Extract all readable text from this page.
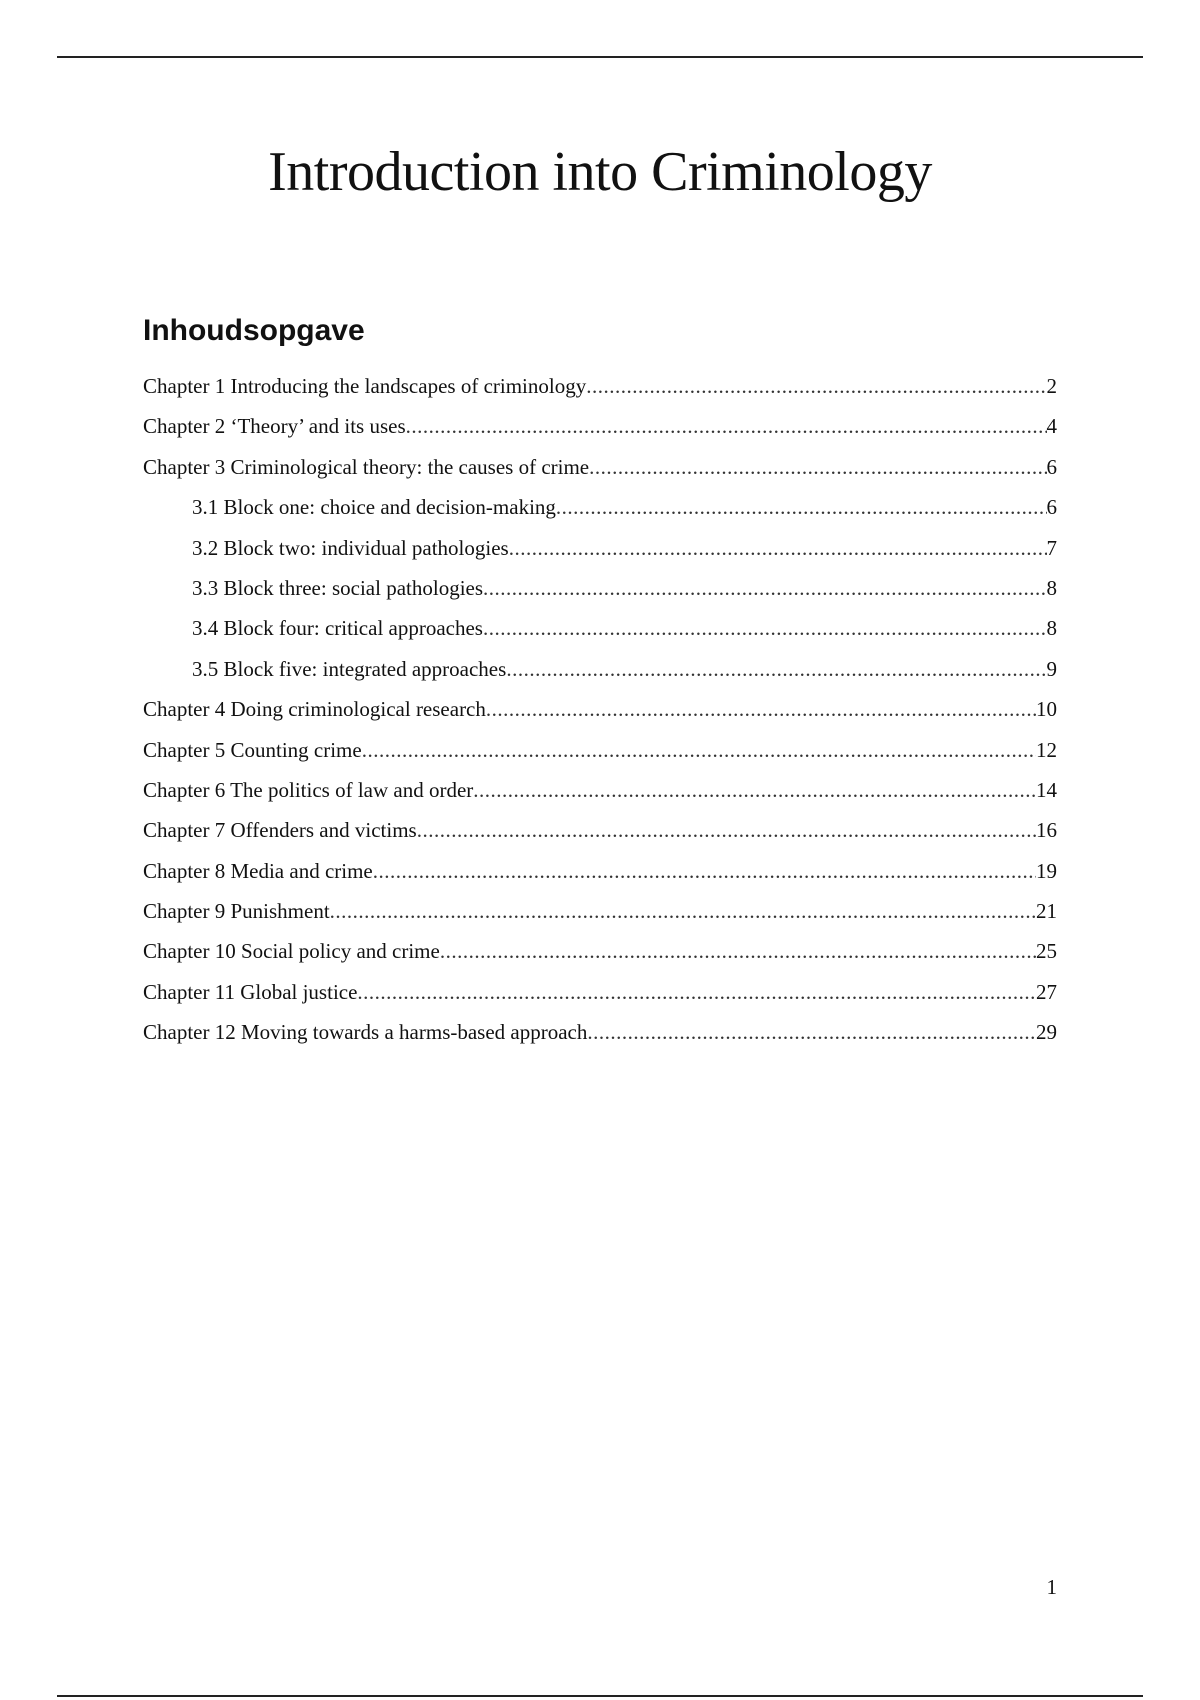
Introduction into Criminology
Inhoudsopgave
Chapter 1 Introducing the landscapes of criminology .....	2
Chapter 2 ‘Theory’ and its uses .....	4
Chapter 3 Criminological theory: the causes of crime .....	6
3.1 Block one: choice and decision-making .....	6
3.2 Block two: individual pathologies .....	7
3.3 Block three: social pathologies .....	8
3.4 Block four: critical approaches .....	8
3.5 Block five: integrated approaches .....	9
Chapter 4 Doing criminological research .....	10
Chapter 5 Counting crime .....	12
Chapter 6 The politics of law and order .....	14
Chapter 7 Offenders and victims .....	16
Chapter 8 Media and crime .....	19
Chapter 9 Punishment .....	21
Chapter 10 Social policy and crime .....	25
Chapter 11 Global justice .....	27
Chapter 12 Moving towards a harms-based approach .....	29
1
